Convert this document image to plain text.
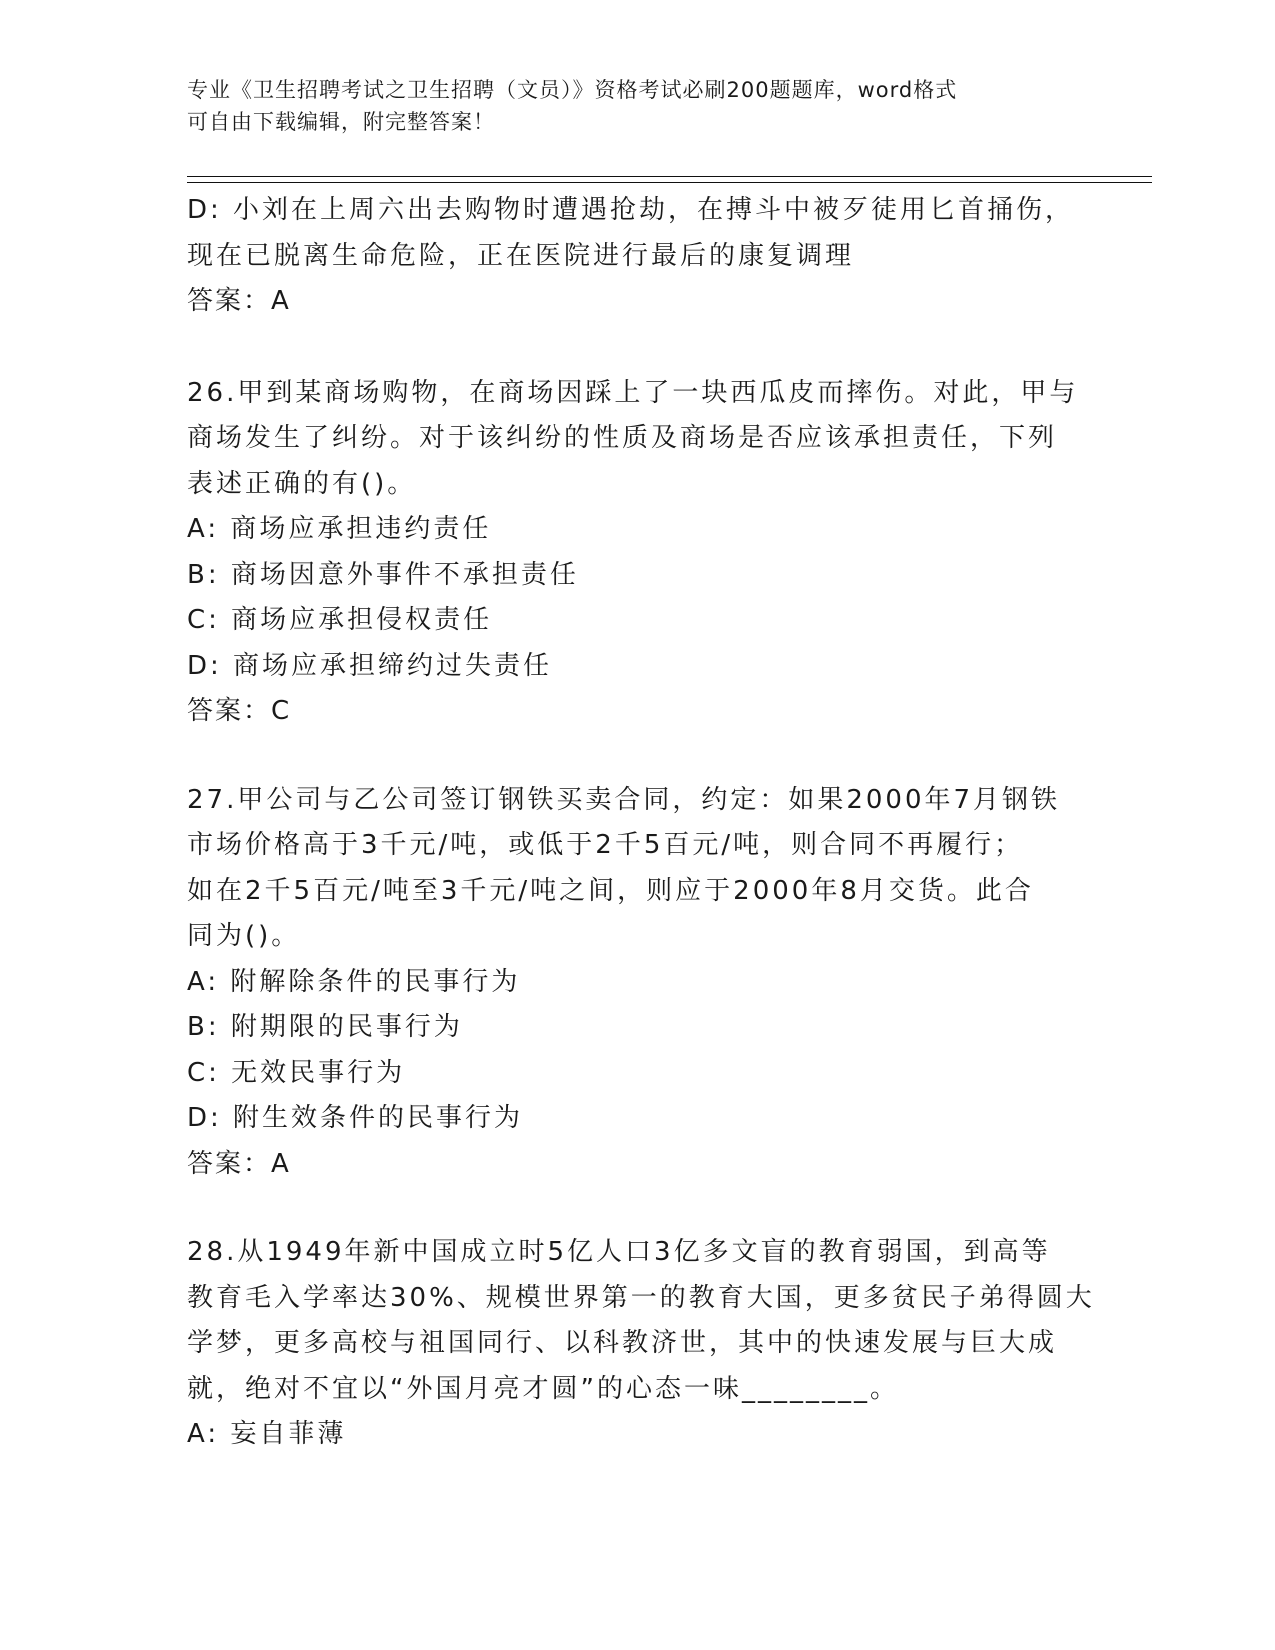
专业《卫生招聘考试之卫生招聘（文员）》资格考试必刷200题题库，word格式
可自由下载编辑，附完整答案！
D: 小刘在上周六出去购物时遭遇抢劫，在搏斗中被歹徒用匕首捅伤，
现在已脱离生命危险，正在医院进行最后的康复调理
答案：A
26.甲到某商场购物，在商场因踩上了一块西瓜皮而摔伤。对此，甲与
商场发生了纠纷。对于该纠纷的性质及商场是否应该承担责任，下列
表述正确的有()。
A: 商场应承担违约责任
B: 商场因意外事件不承担责任
C: 商场应承担侵权责任
D: 商场应承担缔约过失责任
答案：C
27.甲公司与乙公司签订钢铁买卖合同，约定：如果2000年7月钢铁
市场价格高于3千元/吨，或低于2千5百元/吨，则合同不再履行；
如在2千5百元/吨至3千元/吨之间，则应于2000年8月交货。此合
同为()。
A: 附解除条件的民事行为
B: 附期限的民事行为
C: 无效民事行为
D: 附生效条件的民事行为
答案：A
28.从1949年新中国成立时5亿人口3亿多文盲的教育弱国，到高等
教育毛入学率达30%、规模世界第一的教育大国，更多贫民子弟得圆大
学梦，更多高校与祖国同行、以科教济世，其中的快速发展与巨大成
就，绝对不宜以“外国月亮才圆”的心态一味________。
A: 妄自菲薄
